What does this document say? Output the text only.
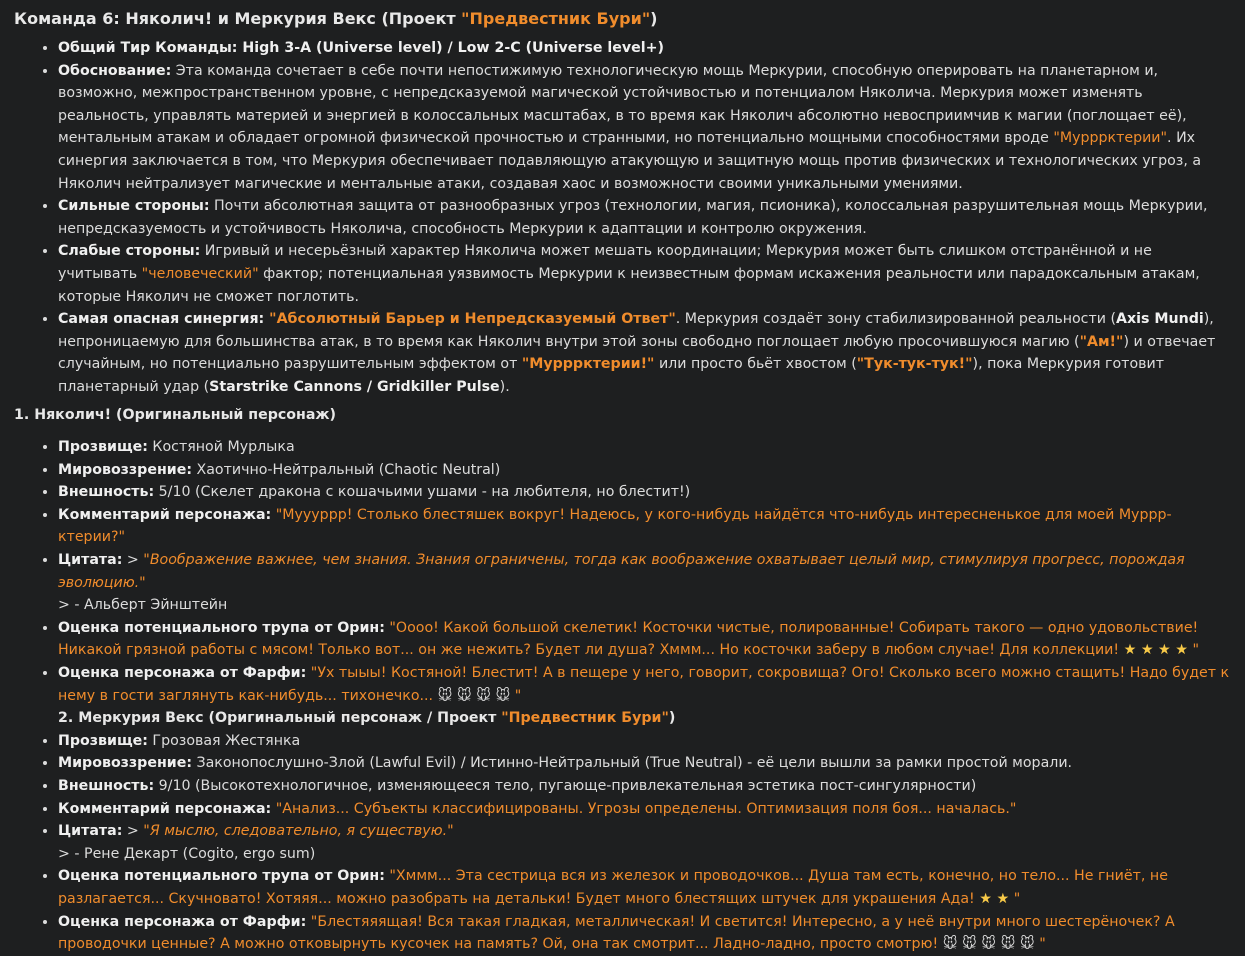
Команда 6: Няколич! и Меркурия Векс (Проект "Предвестник Бури")
• Общий Тир Команды: High 3-A (Universe level) / Low 2-C (Universe level+)
• Обоснование: Эта команда сочетает в себе почти непостижимую технологическую мощь Меркурии, способную оперировать на планетарном и, возможно, межпространственном уровне, с непредсказуемой магической устойчивостью и потенциалом Няколича. Меркурия может изменять реальность, управлять материей и энергией в колоссальных масштабах, в то время как Няколич абсолютно невосприимчив к магии (поглощает её), ментальным атакам и обладает огромной физической прочностью и странными, но потенциально мощными способностями вроде "Мурррктерии". Их синергия заключается в том, что Меркурия обеспечивает подавляющую атакующую и защитную мощь против физических и технологических угроз, а Няколич нейтрализует магические и ментальные атаки, создавая хаос и возможности своими уникальными умениями.
• Сильные стороны: Почти абсолютная защита от разнообразных угроз (технологии, магия, псионика), колоссальная разрушительная мощь Меркурии, непредсказуемость и устойчивость Няколича, способность Меркурии к адаптации и контролю окружения.
• Слабые стороны: Игривый и несерьёзный характер Няколича может мешать координации; Меркурия может быть слишком отстранённой и не учитывать "человеческий" фактор; потенциальная уязвимость Меркурии к неизвестным формам искажения реальности или парадоксальным атакам, которые Няколич не сможет поглотить.
• Самая опасная синергия: "Абсолютный Барьер и Непредсказуемый Ответ". Меркурия создаёт зону стабилизированной реальности (Axis Mundi), непроницаемую для большинства атак, в то время как Няколич внутри этой зоны свободно поглощает любую просочившуюся магию ("Ам!") и отвечает случайным, но потенциально разрушительным эффектом от "Мурррктерии!" или просто бьёт хвостом ("Тук-тук-тук!"), пока Меркурия готовит планетарный удар (Starstrike Cannons / Gridkiller Pulse).
1. Няколич! (Оригинальный персонаж)
• Прозвище: Костяной Мурлыка
• Мировоззрение: Хаотично-Нейтральный (Chaotic Neutral)
• Внешность: 5/10 (Скелет дракона с кошачьими ушами - на любителя, но блестит!)
• Комментарий персонажа: "Муууррр! Столько блестяшек вокруг! Надеюсь, у кого-нибудь найдётся что-нибудь интересненькое для моей Муррр-ктерии?"
• Цитата: > "Воображение важнее, чем знания. Знания ограничены, тогда как воображение охватывает целый мир, стимулируя прогресс, порождая эволюцию."
> - Альберт Эйнштейн
• Оценка потенциального трупа от Орин: "Оооо! Какой большой скелетик! Косточки чистые, полированные! Собирать такого — одно удовольствие! Никакой грязной работы с мясом! Только вот... он же нежить? Будет ли душа? Хммм... Но косточки заберу в любом случае! Для коллекции! ★ ★ ★ ★ "
• Оценка персонажа от Фарфи: "Ух тыыы! Костяной! Блестит! А в пещере у него, говорит, сокровища? Ого! Сколько всего можно стащить! Надо будет к нему в гости заглянуть как-нибудь... тихонечко... 🐭 🐭 🐭 🐭 "
2. Меркурия Векс (Оригинальный персонаж / Проект "Предвестник Бури")
• Прозвище: Грозовая Жестянка
• Мировоззрение: Законопослушно-Злой (Lawful Evil) / Истинно-Нейтральный (True Neutral) - её цели вышли за рамки простой морали.
• Внешность: 9/10 (Высокотехнологичное, изменяющееся тело, пугающе-привлекательная эстетика пост-сингулярности)
• Комментарий персонажа: "Анализ... Субъекты классифицированы. Угрозы определены. Оптимизация поля боя... началась."
• Цитата: > "Я мыслю, следовательно, я существую."
> - Рене Декарт (Cogito, ergo sum)
• Оценка потенциального трупа от Орин: "Хммм... Эта сестрица вся из железок и проводочков... Душа там есть, конечно, но тело... Не гниёт, не разлагается... Скучновато! Хотяяя... можно разобрать на детальки! Будет много блестящих штучек для украшения Ада! ★ ★ "
• Оценка персонажа от Фарфи: "Блестяяящая! Вся такая гладкая, металлическая! И светится! Интересно, а у неё внутри много шестерёночек? А проводочки ценные? А можно отковырнуть кусочек на память? Ой, она так смотрит... Ладно-ладно, просто смотрю! 🐭 🐭 🐭 🐭 🐭 "
